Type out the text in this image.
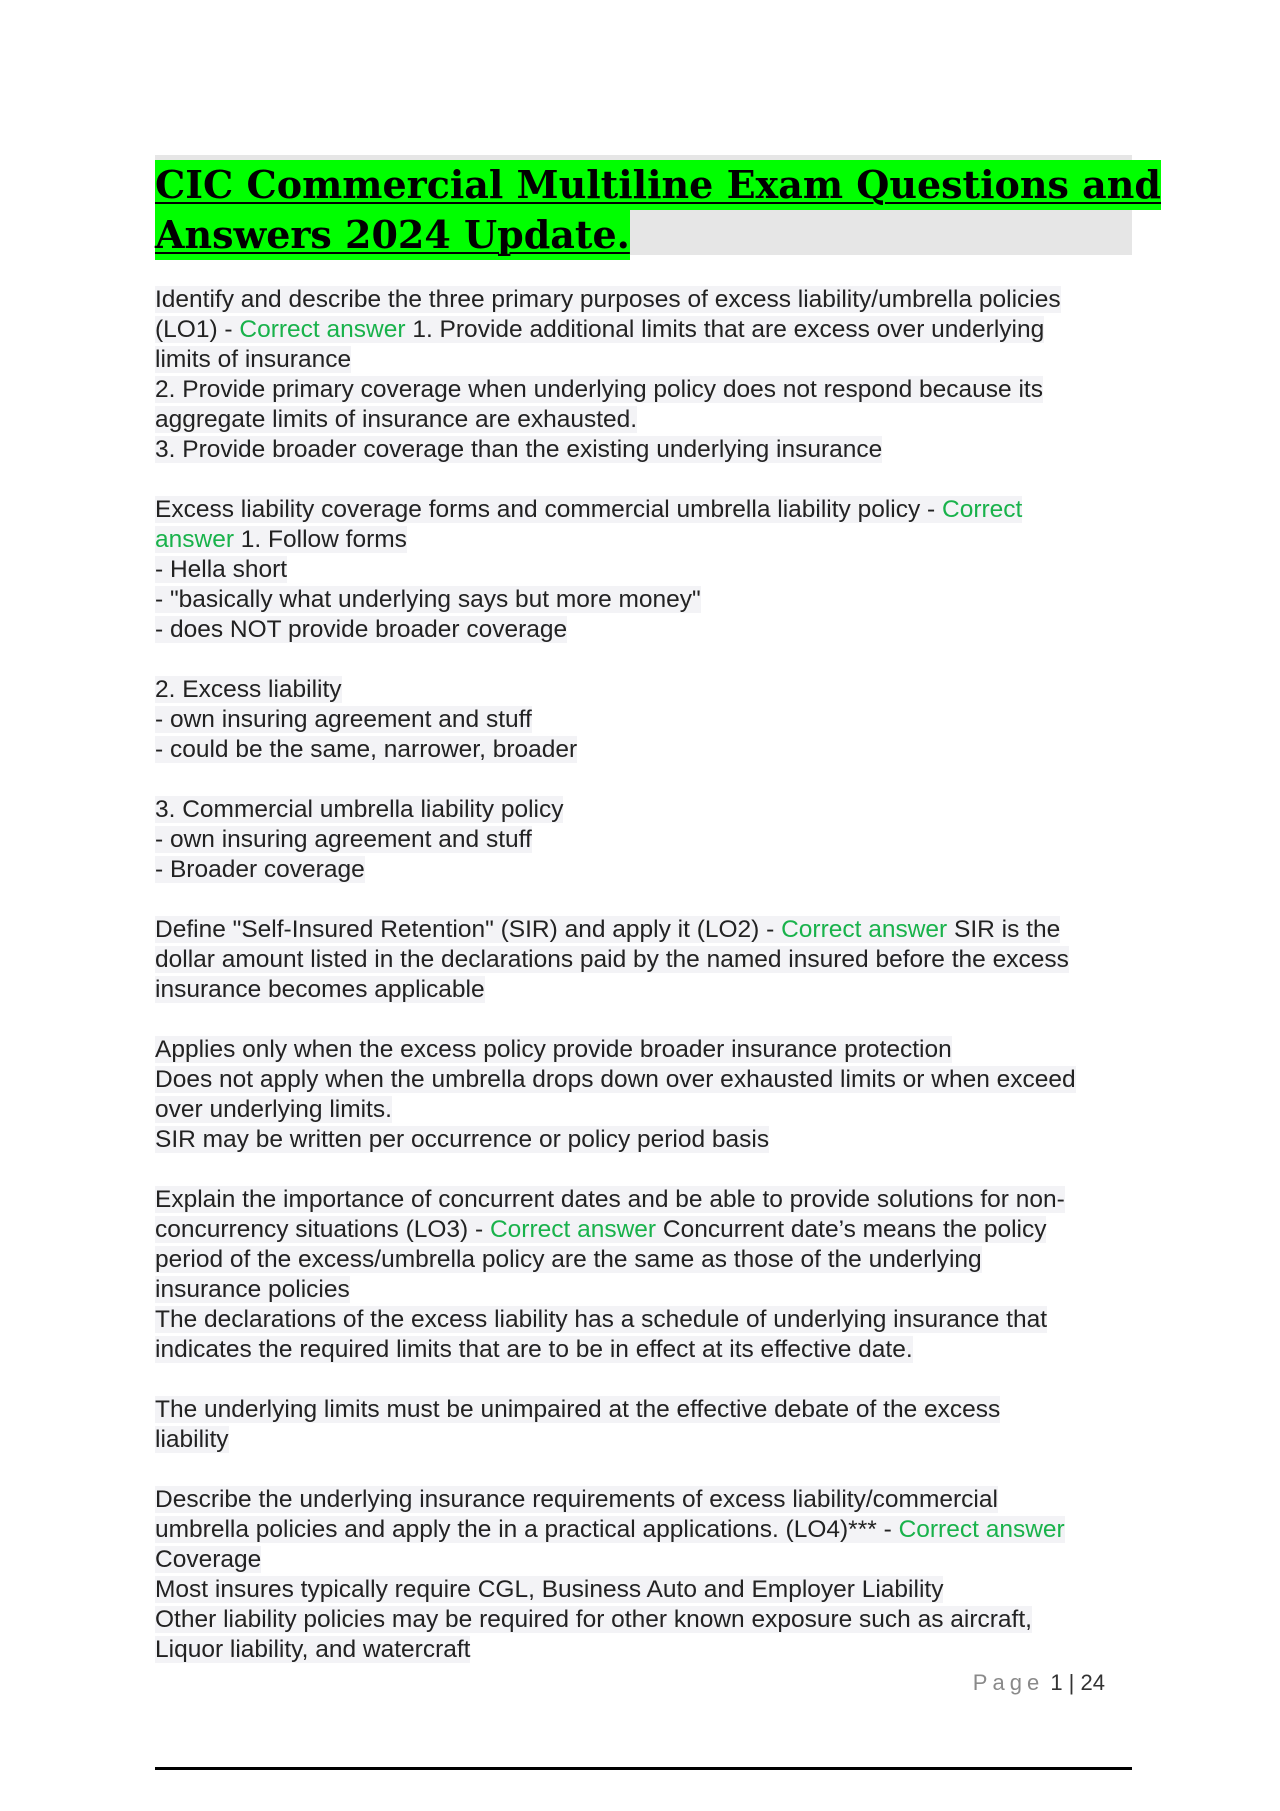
CIC Commercial Multiline Exam Questions and
Answers 2024 Update.
Identify and describe the three primary purposes of excess liability/umbrella policies
(LO1) - Correct answer 1. Provide additional limits that are excess over underlying
limits of insurance
2. Provide primary coverage when underlying policy does not respond because its
aggregate limits of insurance are exhausted.
3. Provide broader coverage than the existing underlying insurance
Excess liability coverage forms and commercial umbrella liability policy - Correct
answer 1. Follow forms
- Hella short
- "basically what underlying says but more money"
- does NOT provide broader coverage
2. Excess liability
- own insuring agreement and stuff
- could be the same, narrower, broader
3. Commercial umbrella liability policy
- own insuring agreement and stuff
- Broader coverage
Define "Self-Insured Retention" (SIR) and apply it (LO2) - Correct answer SIR is the
dollar amount listed in the declarations paid by the named insured before the excess
insurance becomes applicable
Applies only when the excess policy provide broader insurance protection
Does not apply when the umbrella drops down over exhausted limits or when exceed
over underlying limits.
SIR may be written per occurrence or policy period basis
Explain the importance of concurrent dates and be able to provide solutions for non-
concurrency situations (LO3) - Correct answer Concurrent date’s means the policy
period of the excess/umbrella policy are the same as those of the underlying
insurance policies
The declarations of the excess liability has a schedule of underlying insurance that
indicates the required limits that are to be in effect at its effective date.
The underlying limits must be unimpaired at the effective debate of the excess
liability
Describe the underlying insurance requirements of excess liability/commercial
umbrella policies and apply the in a practical applications. (LO4)*** - Correct answer
Coverage
Most insures typically require CGL, Business Auto and Employer Liability
Other liability policies may be required for other known exposure such as aircraft,
Liquor liability, and watercraft
Page 1 | 24
